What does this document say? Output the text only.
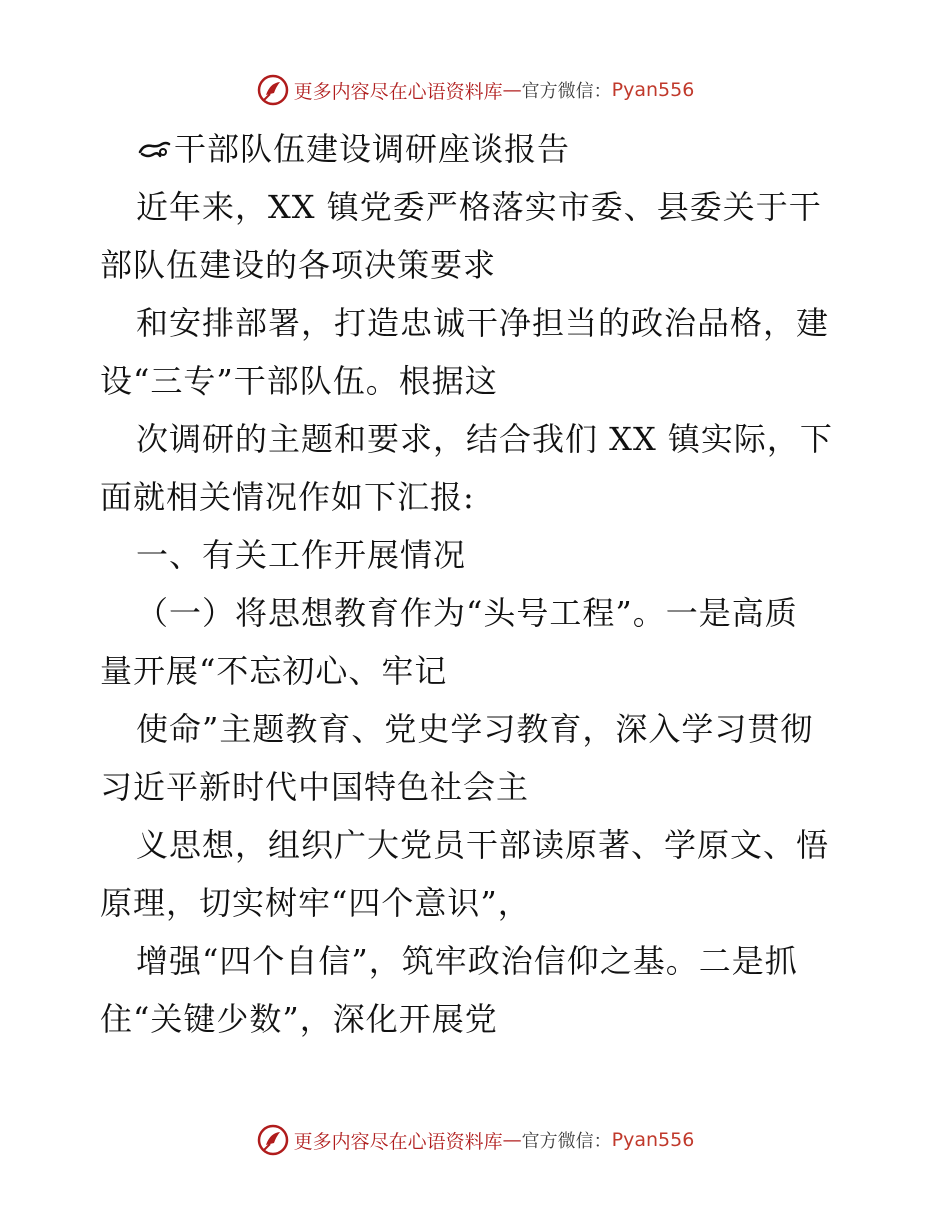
更多内容尽在心语资料库 — 官方微信： Pyan556
干部队伍建设调研座谈报告
近年来，XX 镇党委严格落实市委、县委关于干
部队伍建设的各项决策要求
和安排部署，打造忠诚干净担当的政治品格，建
设“三专”干部队伍。根据这
次调研的主题和要求，结合我们 XX 镇实际，下
面就相关情况作如下汇报:
一、有关工作开展情况
（一）将思想教育作为“头号工程”。一是高质
量开展“不忘初心、牢记
使命”主题教育、党史学习教育，深入学习贯彻
习近平新时代中国特色社会主
义思想，组织广大党员干部读原著、学原文、悟
原理，切实树牢“四个意识”，
增强“四个自信”，筑牢政治信仰之基。二是抓
住“关键少数”，深化开展党
更多内容尽在心语资料库 — 官方微信： Pyan556
